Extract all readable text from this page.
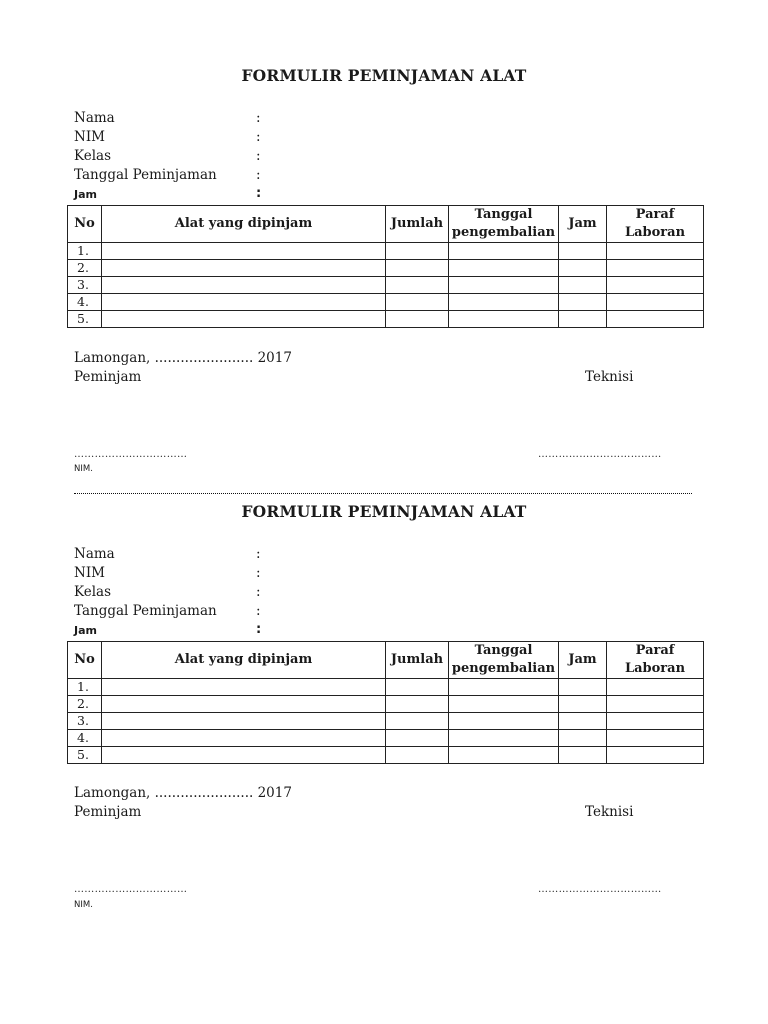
FORMULIR PEMINJAMAN ALAT
Nama	:
NIM	:
Kelas	:
Tanggal Peminjaman	:
Jam	:
No	Alat yang dipinjam	Jumlah	Tanggal pengembalian	Jam	Paraf Laboran
1.					
2.					
3.					
4.					
5.					
Lamongan, ....................... 2017
Peminjam	Teknisi
……………………………	………………………………
NIM.
FORMULIR PEMINJAMAN ALAT
Nama	:
NIM	:
Kelas	:
Tanggal Peminjaman	:
Jam	:
No	Alat yang dipinjam	Jumlah	Tanggal pengembalian	Jam	Paraf Laboran
1.					
2.					
3.					
4.					
5.					
Lamongan, ....................... 2017
Peminjam	Teknisi
……………………………	………………………………
NIM.
